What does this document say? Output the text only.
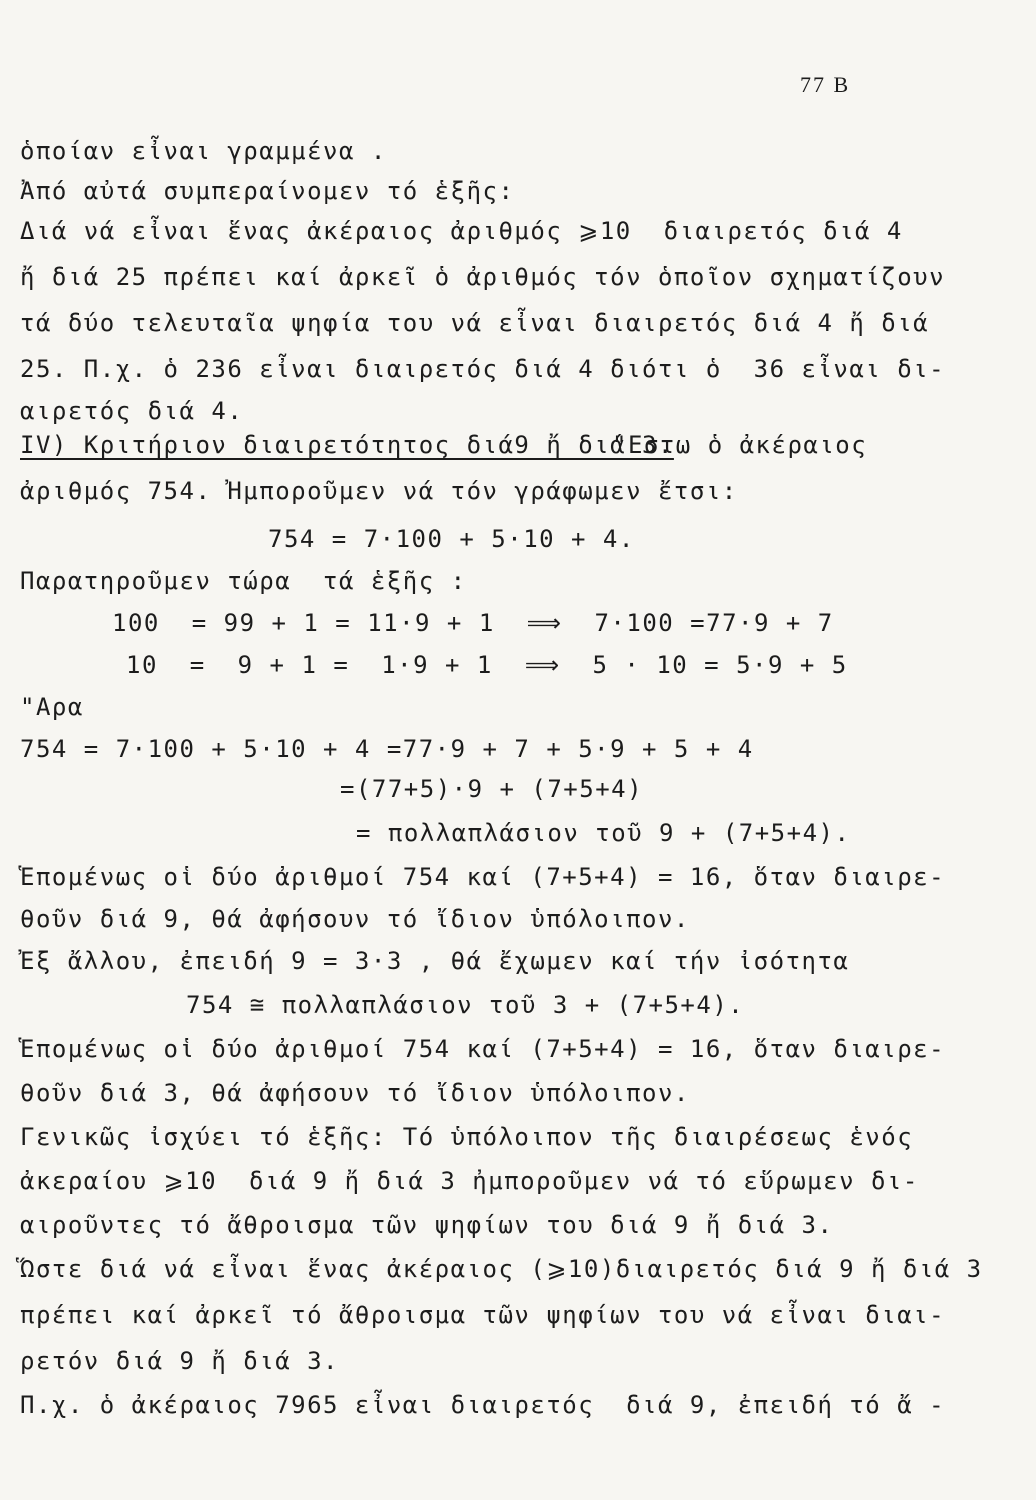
77 B
ὁποίαν εἶναι γραμμένα .
Ἀπό αὐτά συμπεραίνομεν τό ἑξῆς:
Διά νά εἶναι ἕνας ἀκέραιος ἀριθμός ⩾10  διαιρετός διά 4
ἤ διά 25 πρέπει καί ἀρκεῖ ὁ ἀριθμός τόν ὁποῖον σχηματίζουν
τά δύο τελευταῖα ψηφία του νά εἶναι διαιρετός διά 4 ἤ διά
25. Π.χ. ὁ 236 εἶναι διαιρετός διά 4 διότι ὁ  36 εἶναι δι-
αιρετός διά 4.
IV) Κριτήριον διαιρετότητος διά9 ἤ διά 3.
"Εστω ὁ ἀκέραιος
ἀριθμός 754. Ἠμποροῦμεν νά τόν γράφωμεν ἔτσι:
754 = 7·100 + 5·10 + 4.
Παρατηροῦμεν τώρα  τά ἑξῆς :
100  = 99 + 1 = 11·9 + 1  ⟹  7·100 =77·9 + 7
10  =  9 + 1 =  1·9 + 1  ⟹  5 · 10 = 5·9 + 5
"Αρα
754 = 7·100 + 5·10 + 4 =77·9 + 7 + 5·9 + 5 + 4
=(77+5)·9 + (7+5+4)
= πολλαπλάσιον τοῦ 9 + (7+5+4).
Ἑπομένως οἱ δύο ἀριθμοί 754 καί (7+5+4) = 16, ὅταν διαιρε-
θοῦν διά 9, θά ἀφήσουν τό ἴδιον ὑπόλοιπον.
Ἐξ ἄλλου, ἐπειδή 9 = 3·3 , θά ἔχωμεν καί τήν ἰσότητα
754 ≅ πολλαπλάσιον τοῦ 3 + (7+5+4).
Ἑπομένως οἱ δύο ἀριθμοί 754 καί (7+5+4) = 16, ὅταν διαιρε-
θοῦν διά 3, θά ἀφήσουν τό ἴδιον ὑπόλοιπον.
Γενικῶς ἰσχύει τό ἑξῆς: Τό ὑπόλοιπον τῆς διαιρέσεως ἑνός
ἀκεραίου ⩾10  διά 9 ἤ διά 3 ἠμποροῦμεν νά τό εὕρωμεν δι-
αιροῦντες τό ἄθροισμα τῶν ψηφίων του διά 9 ἤ διά 3.
Ὥστε διά νά εἶναι ἕνας ἀκέραιος (⩾10)διαιρετός διά 9 ἤ διά 3
πρέπει καί ἀρκεῖ τό ἄθροισμα τῶν ψηφίων του νά εἶναι διαι-
ρετόν διά 9 ἤ διά 3.
Π.χ. ὁ ἀκέραιος 7965 εἶναι διαιρετός  διά 9, ἐπειδή τό ἄ -
